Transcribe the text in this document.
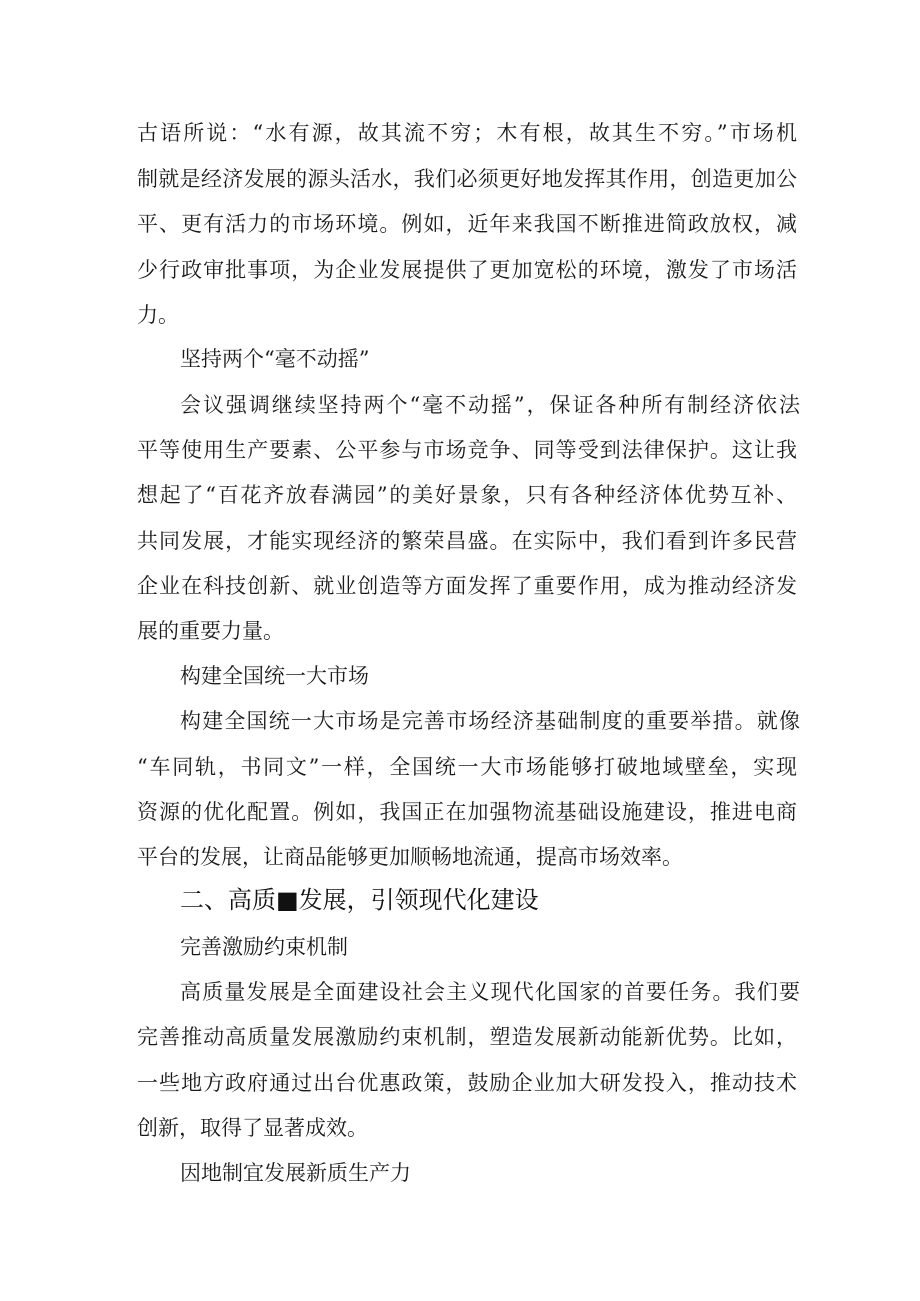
古语所说：“水有源，故其流不穷；木有根，故其生不穷。”市场机
制就是经济发展的源头活水，我们必须更好地发挥其作用，创造更加公
平、更有活力的市场环境。例如，近年来我国不断推进简政放权，减
少行政审批事项，为企业发展提供了更加宽松的环境，激发了市场活
力。
坚持两个“毫不动摇”
会议强调继续坚持两个“毫不动摇”，保证各种所有制经济依法
平等使用生产要素、公平参与市场竞争、同等受到法律保护。这让我
想起了“百花齐放春满园”的美好景象，只有各种经济体优势互补、
共同发展，才能实现经济的繁荣昌盛。在实际中，我们看到许多民营
企业在科技创新、就业创造等方面发挥了重要作用，成为推动经济发
展的重要力量。
构建全国统一大市场
构建全国统一大市场是完善市场经济基础制度的重要举措。就像
“车同轨，书同文”一样，全国统一大市场能够打破地域壁垒，实现
资源的优化配置。例如，我国正在加强物流基础设施建设，推进电商
平台的发展，让商品能够更加顺畅地流通，提高市场效率。
二、高质■发展，引领现代化建设
完善激励约束机制
高质量发展是全面建设社会主义现代化国家的首要任务。我们要
完善推动高质量发展激励约束机制，塑造发展新动能新优势。比如，
一些地方政府通过出台优惠政策，鼓励企业加大研发投入，推动技术
创新，取得了显著成效。
因地制宜发展新质生产力
